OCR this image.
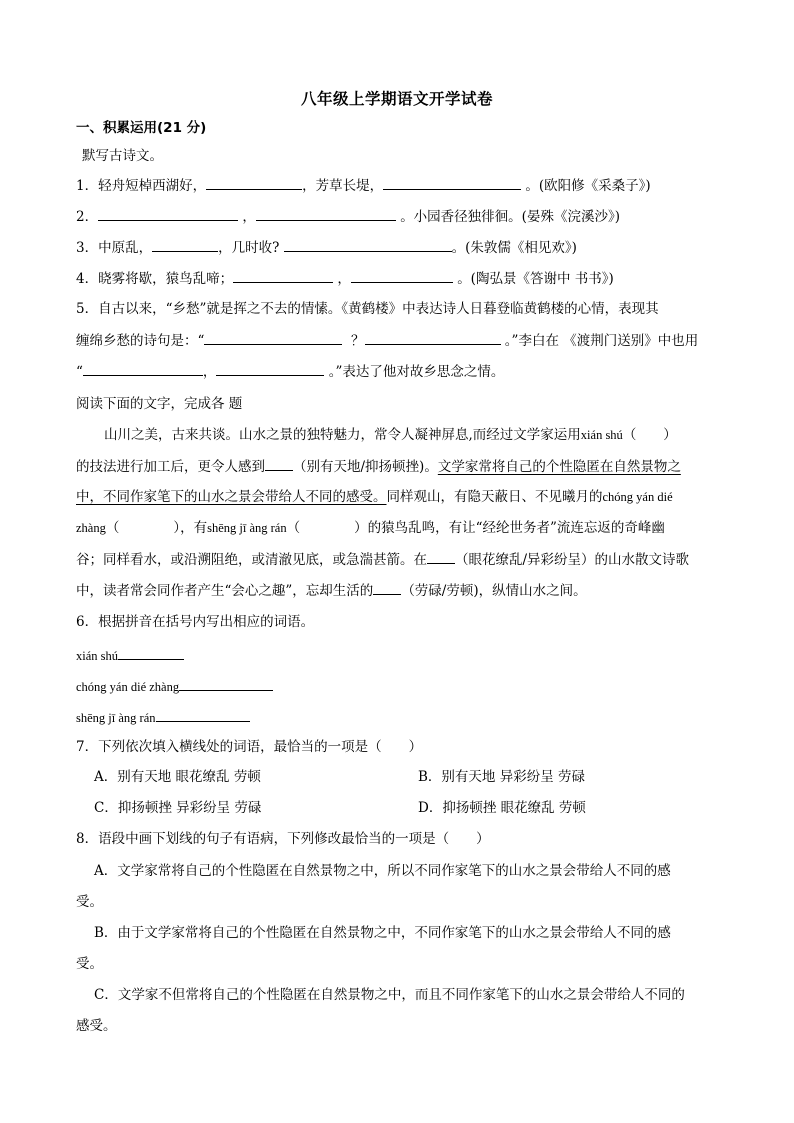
八年级上学期语文开学试卷
一、积累运用(21 分)
默写古诗文。
1．轻舟短棹西湖好，	，芳草长堤，	。(欧阳修《采桑子》)
2．	，	。小园香径独徘徊。(晏殊《浣溪沙》)
3．中原乱，	，几时收?	。(朱敦儒《相见欢》)
4．晓雾将歇，猿鸟乱啼；	，	。(陶弘景《答谢中 书书》)
5．自古以来，“乡愁”就是挥之不去的情愫。《黄鹤楼》中表达诗人日暮登临黄鹤楼的心情，表现其
缠绵乡愁的诗句是：“	？	。”李白在 《渡荆门送别》中也用
“	，	。”表达了他对故乡思念之情。
阅读下面的文字，完成各 题
山川之美，古来共谈。山水之景的独特魅力，常令人凝神屏息,而经过文学家运用xián shú（　　）
的技法进行加工后，更令人感到 （别有天地/抑扬顿挫)。文学家常将自己的个性隐匿在自然景物之
中，不同作家笔下的山水之景会带给人不同的感受。同样观山，有隐天蔽日、不见曦月的chóng yán dié
zhàng（　　　　），有shēng jī àng rán（　　　　）的猿鸟乱鸣，有让“经纶世务者”流连忘返的奇峰幽
谷；同样看水，或沿溯阻绝，或清澈见底，或急湍甚箭。在 （眼花缭乱/异彩纷呈）的山水散文诗歌
中，读者常会同作者产生“会心之趣”，忘却生活的 （劳碌/劳顿)，纵情山水之间。
6．根据拼音在括号内写出相应的词语。
xián shú
chóng yán dié zhàng
shēng jī àng rán
7．下列依次填入横线处的词语，最恰当的一项是（　　）
A．别有天地 眼花缭乱 劳顿	B．别有天地 异彩纷呈 劳碌
C．抑扬顿挫 异彩纷呈 劳碌	D．抑扬顿挫 眼花缭乱 劳顿
8．语段中画下划线的句子有语病，下列修改最恰当的一项是（　　）
A．文学家常将自己的个性隐匿在自然景物之中，所以不同作家笔下的山水之景会带给人不同的感
受。
B．由于文学家常将自己的个性隐匿在自然景物之中，不同作家笔下的山水之景会带给人不同的感
受。
C．文学家不但常将自己的个性隐匿在自然景物之中，而且不同作家笔下的山水之景会带给人不同的
感受。
